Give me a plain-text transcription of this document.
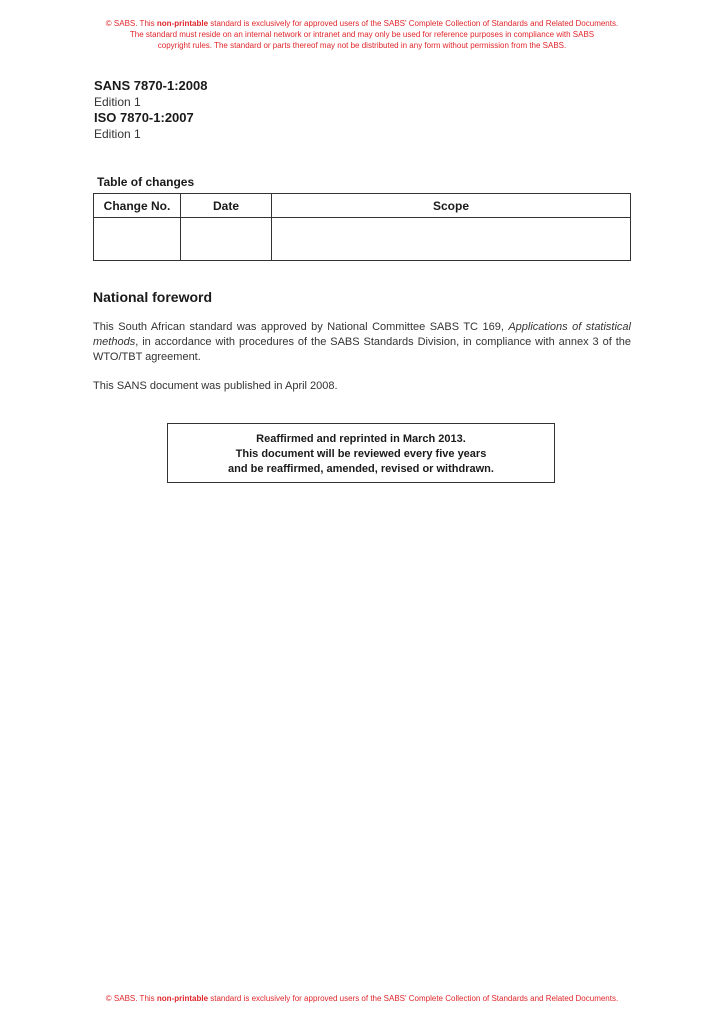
© SABS. This non-printable standard is exclusively for approved users of the SABS' Complete Collection of Standards and Related Documents.
The standard must reside on an internal network or intranet and may only be used for reference purposes in compliance with SABS
copyright rules. The standard or parts thereof may not be distributed in any form without permission from the SABS.
SANS 7870-1:2008
Edition 1
ISO 7870-1:2007
Edition 1
Table of changes
Change No.	Date	Scope

National foreword
This South African standard was approved by National Committee SABS TC 169, Applications of statistical methods, in accordance with procedures of the SABS Standards Division, in compliance with annex 3 of the WTO/TBT agreement.
This SANS document was published in April 2008.
Reaffirmed and reprinted in March 2013.
This document will be reviewed every five years
and be reaffirmed, amended, revised or withdrawn.
© SABS. This non-printable standard is exclusively for approved users of the SABS' Complete Collection of Standards and Related Documents.
